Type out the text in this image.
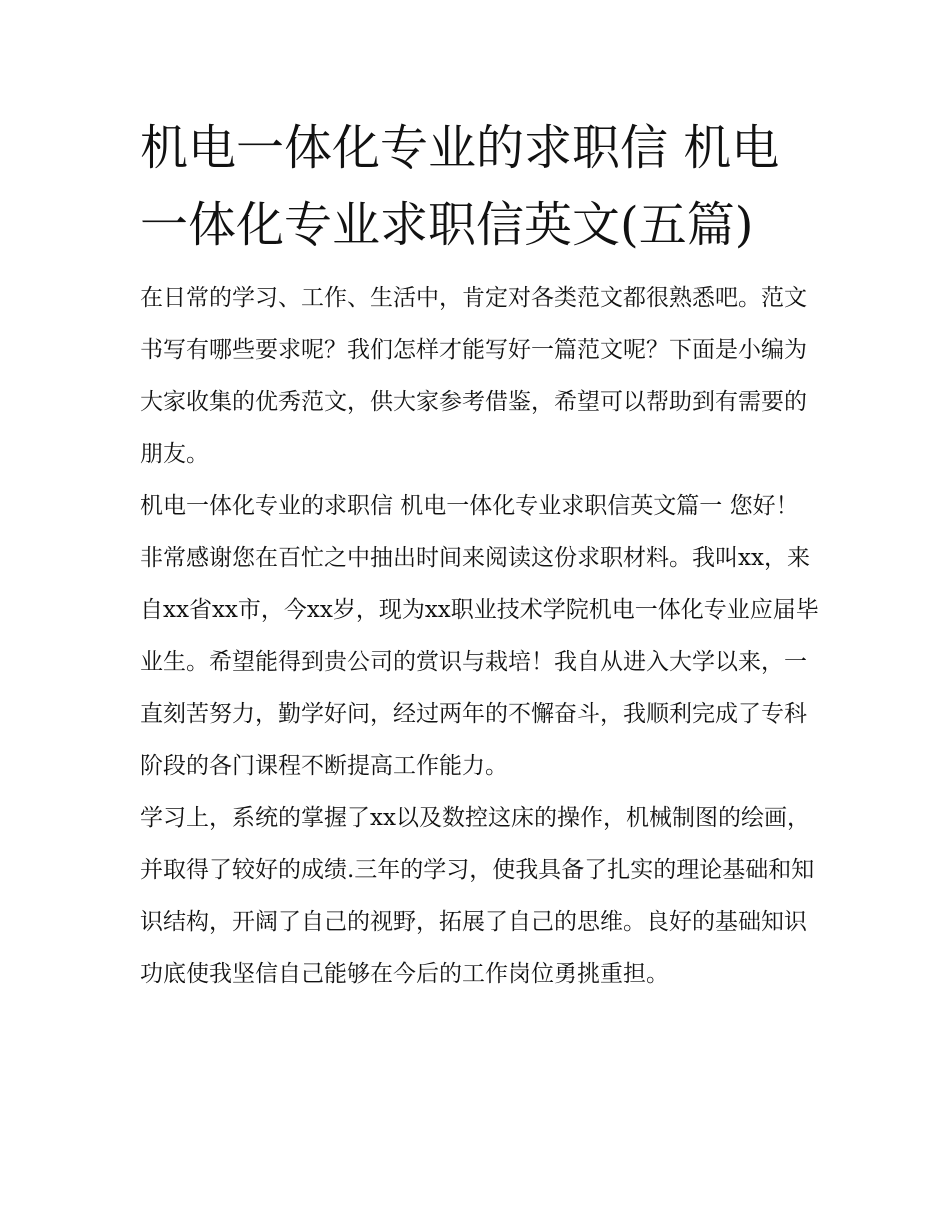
机电一体化专业的求职信 机电一体化专业求职信英文(五篇)

在日常的学习、工作、生活中，肯定对各类范文都很熟悉吧。范文书写有哪些要求呢？我们怎样才能写好一篇范文呢？下面是小编为大家收集的优秀范文，供大家参考借鉴，希望可以帮助到有需要的朋友。

机电一体化专业的求职信 机电一体化专业求职信英文篇一 您好！ 非常感谢您在百忙之中抽出时间来阅读这份求职材料。我叫xx，来自xx省xx市，今xx岁，现为xx职业技术学院机电一体化专业应届毕业生。希望能得到贵公司的赏识与栽培！我自从进入大学以来，一直刻苦努力，勤学好问，经过两年的不懈奋斗，我顺利完成了专科阶段的各门课程不断提高工作能力。

学习上，系统的掌握了xx以及数控这床的操作，机械制图的绘画，并取得了较好的成绩.三年的学习，使我具备了扎实的理论基础和知识结构，开阔了自己的视野，拓展了自己的思维。良好的基础知识功底使我坚信自己能够在今后的工作岗位勇挑重担。
